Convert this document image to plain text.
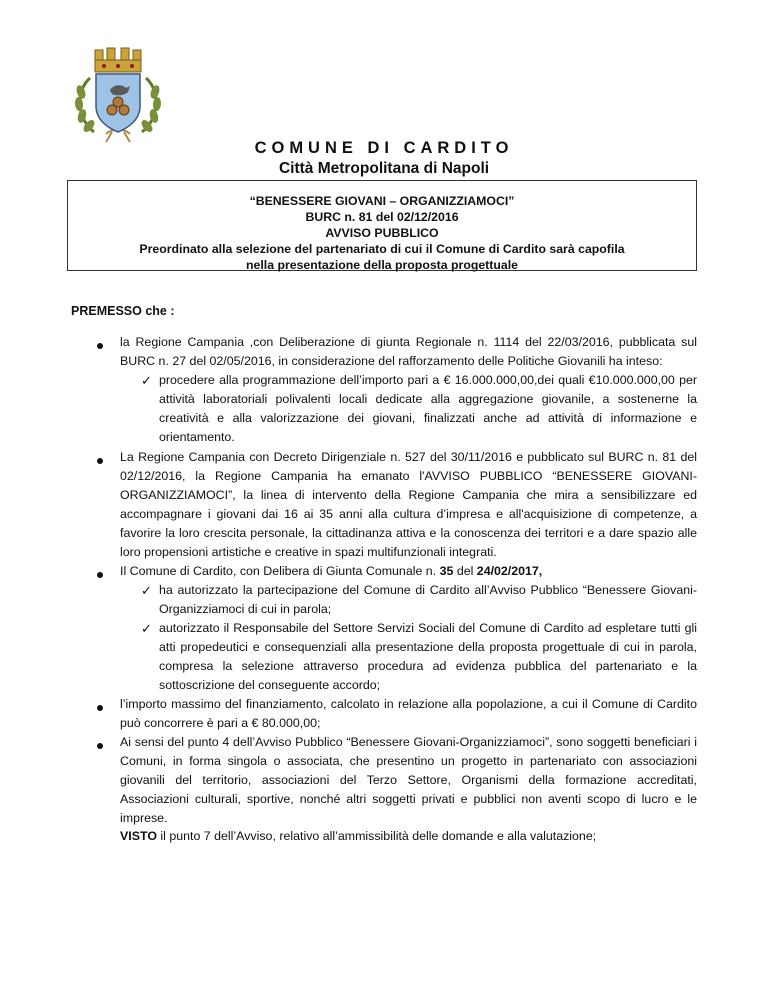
COMUNE DI CARDITO
Città Metropolitana di Napoli
“BENESSERE GIOVANI – ORGANIZZIAMOCI”
BURC n. 81 del 02/12/2016
AVVISO PUBBLICO
Preordinato alla selezione del partenariato di cui il Comune di Cardito sarà capofila
nella presentazione della proposta progettuale
PREMESSO che :
la Regione Campania ,con Deliberazione di giunta Regionale n. 1114 del 22/03/2016, pubblicata sul BURC n. 27 del 02/05/2016, in considerazione del rafforzamento delle Politiche Giovanili ha inteso:
✓ procedere alla programmazione dell’importo pari a € 16.000.000,00,dei quali €10.000.000,00 per attività laboratoriali polivalenti locali dedicate alla aggregazione giovanile, a sostenerne la creatività e alla valorizzazione dei giovani, finalizzati anche ad attività di informazione e orientamento.
La Regione Campania con Decreto Dirigenziale n. 527 del 30/11/2016 e pubblicato sul BURC n. 81 del 02/12/2016, la Regione Campania ha emanato l'AVVISO PUBBLICO “BENESSERE GIOVANI-ORGANIZZIAMOCI”, la linea di intervento della Regione Campania che mira a sensibilizzare ed accompagnare i giovani dai 16 ai 35 anni alla cultura d’impresa e all'acquisizione di competenze, a favorire la loro crescita personale, la cittadinanza attiva e la conoscenza dei territori e a dare spazio alle loro propensioni artistiche e creative in spazi multifunzionali integrati.
Il Comune di Cardito, con Delibera di Giunta Comunale n. 35 del 24/02/2017,
✓ ha autorizzato la partecipazione del Comune di Cardito all’Avviso Pubblico “Benessere Giovani-Organizziamoci di cui in parola;
✓ autorizzato il Responsabile del Settore Servizi Sociali del Comune di Cardito ad espletare tutti gli atti propedeutici e consequenziali alla presentazione della proposta progettuale di cui in parola, compresa la selezione attraverso procedura ad evidenza pubblica del partenariato e la sottoscrizione del conseguente accordo;
l’importo massimo del finanziamento, calcolato in relazione alla popolazione, a cui il Comune di Cardito può concorrere è pari a € 80.000,00;
Ai sensi del punto 4 dell’Avviso Pubblico “Benessere Giovani-Organizziamoci”, sono soggetti beneficiari i Comuni, in forma singola o associata, che presentino un progetto in partenariato con associazioni giovanili del territorio, associazioni del Terzo Settore, Organismi della formazione accreditati, Associazioni culturali, sportive, nonché altri soggetti privati e pubblici non aventi scopo di lucro e le imprese.
VISTO il punto 7 dell’Avviso, relativo all’ammissibilità delle domande e alla valutazione;
